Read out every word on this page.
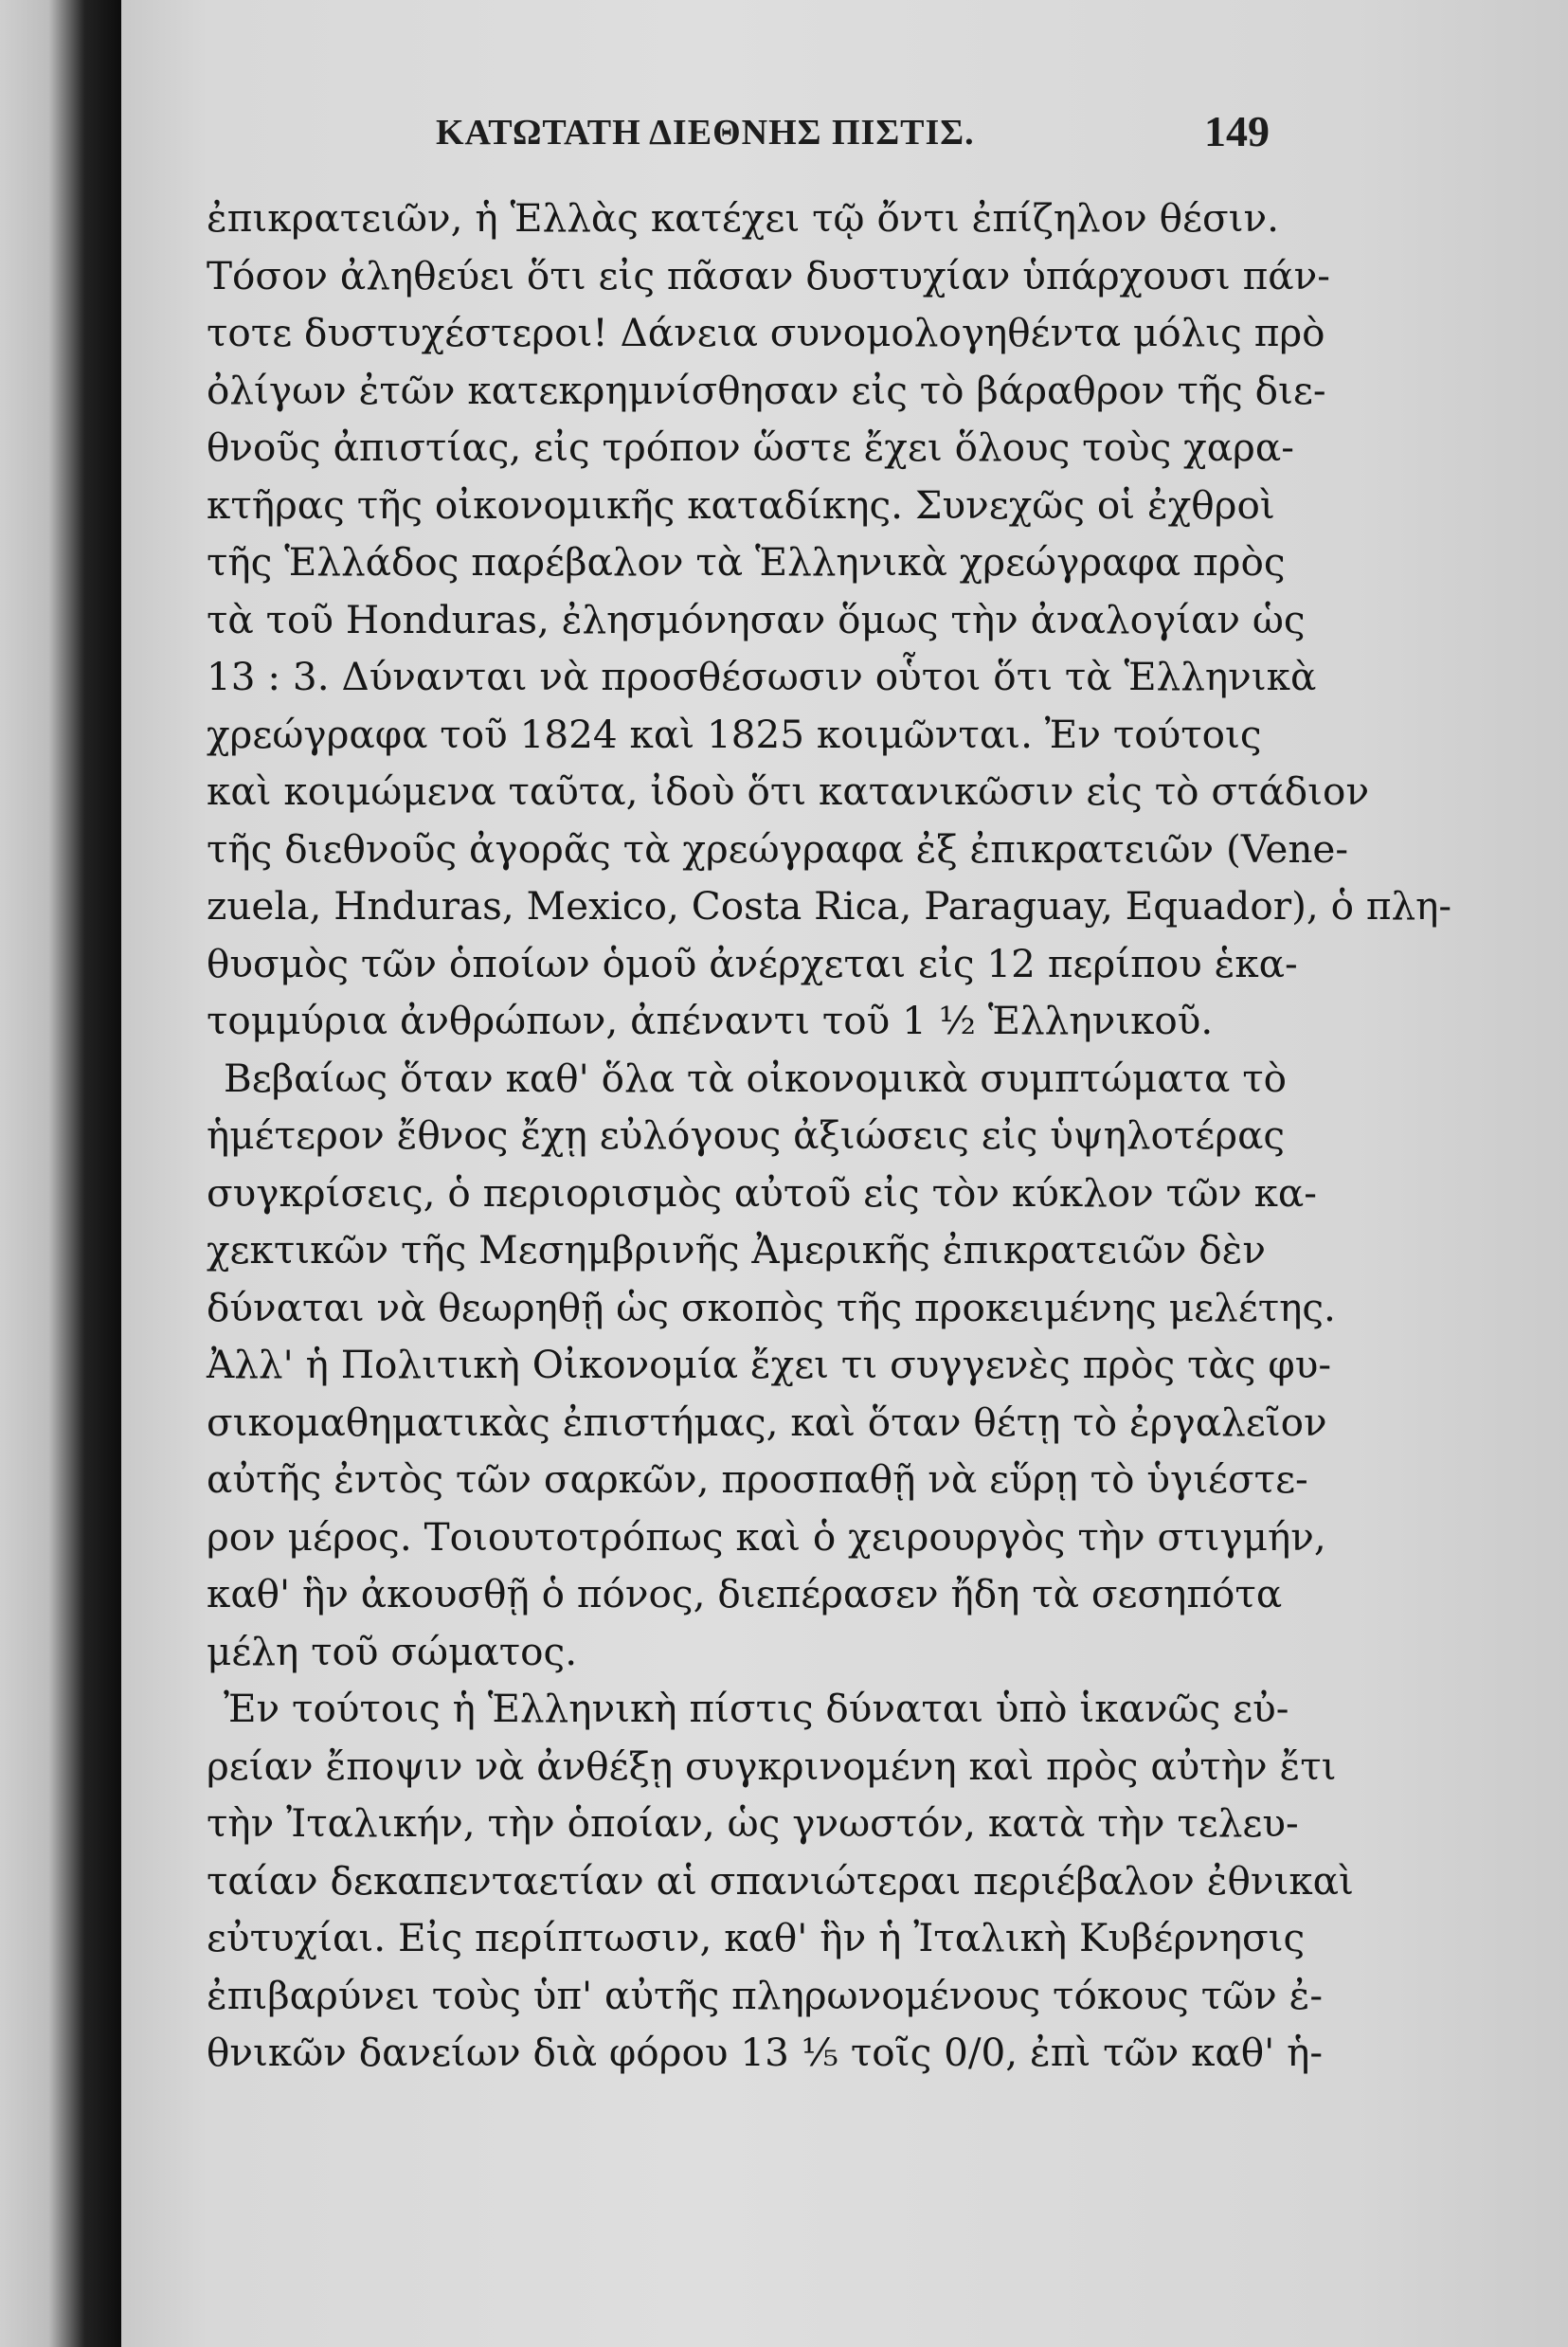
ΚΑΤΩΤΑΤΗ ΔΙΕΘΝΗΣ ΠΙΣΤΙΣ.	149
ἐπικρατειῶν, ἡ Ἑλλὰς κατέχει τῷ ὄντι ἐπίζηλον θέσιν.
Τόσον ἀληθεύει ὅτι εἰς πᾶσαν δυστυχίαν ὑπάρχουσι πάν-
τοτε δυστυχέστεροι! Δάνεια συνομολογηθέντα μόλις πρὸ
ὀλίγων ἐτῶν κατεκρημνίσθησαν εἰς τὸ βάραθρον τῆς διε-
θνοῦς ἀπιστίας, εἰς τρόπον ὥστε ἔχει ὅλους τοὺς χαρα-
κτῆρας τῆς οἰκονομικῆς καταδίκης. Συνεχῶς οἱ ἐχθροὶ
τῆς Ἑλλάδος παρέβαλον τὰ Ἑλληνικὰ χρεώγραφα πρὸς
τὰ τοῦ Honduras, ἐλησμόνησαν ὅμως τὴν ἀναλογίαν ὡς
13 : 3. Δύνανται νὰ προσθέσωσιν οὗτοι ὅτι τὰ Ἑλληνικὰ
χρεώγραφα τοῦ 1824 καὶ 1825 κοιμῶνται. Ἐν τούτοις
καὶ κοιμώμενα ταῦτα, ἰδοὺ ὅτι κατανικῶσιν εἰς τὸ στάδιον
τῆς διεθνοῦς ἀγορᾶς τὰ χρεώγραφα ἐξ ἐπικρατειῶν (Vene-
zuela, Hnduras, Mexico, Costa Rica, Paraguay, Equador), ὁ πλη-
θυσμὸς τῶν ὁποίων ὁμοῦ ἀνέρχεται εἰς 12 περίπου ἑκα-
τομμύρια ἀνθρώπων, ἀπέναντι τοῦ 1 ½ Ἑλληνικοῦ.
Βεβαίως ὅταν καθ' ὅλα τὰ οἰκονομικὰ συμπτώματα τὸ
ἡμέτερον ἔθνος ἔχῃ εὐλόγους ἀξιώσεις εἰς ὑψηλοτέρας
συγκρίσεις, ὁ περιορισμὸς αὐτοῦ εἰς τὸν κύκλον τῶν κα-
χεκτικῶν τῆς Μεσημβρινῆς Ἀμερικῆς ἐπικρατειῶν δὲν
δύναται νὰ θεωρηθῇ ὡς σκοπὸς τῆς προκειμένης μελέτης.
Ἀλλ' ἡ Πολιτικὴ Οἰκονομία ἔχει τι συγγενὲς πρὸς τὰς φυ-
σικομαθηματικὰς ἐπιστήμας, καὶ ὅταν θέτῃ τὸ ἐργαλεῖον
αὐτῆς ἐντὸς τῶν σαρκῶν, προσπαθῇ νὰ εὕρῃ τὸ ὑγιέστε-
ρον μέρος. Τοιουτοτρόπως καὶ ὁ χειρουργὸς τὴν στιγμήν,
καθ' ἣν ἀκουσθῇ ὁ πόνος, διεπέρασεν ἤδη τὰ σεσηπότα
μέλη τοῦ σώματος.
Ἐν τούτοις ἡ Ἑλληνικὴ πίστις δύναται ὑπὸ ἱκανῶς εὐ-
ρείαν ἔποψιν νὰ ἀνθέξῃ συγκρινομένη καὶ πρὸς αὐτὴν ἔτι
τὴν Ἰταλικήν, τὴν ὁποίαν, ὡς γνωστόν, κατὰ τὴν τελευ-
ταίαν δεκαπενταετίαν αἱ σπανιώτεραι περιέβαλον ἐθνικαὶ
εὐτυχίαι. Εἰς περίπτωσιν, καθ' ἣν ἡ Ἰταλικὴ Κυβέρνησις
ἐπιβαρύνει τοὺς ὑπ' αὐτῆς πληρωνομένους τόκους τῶν ἐ-
θνικῶν δανείων διὰ φόρου 13 ⅕ τοῖς 0/0, ἐπὶ τῶν καθ' ἡ-
